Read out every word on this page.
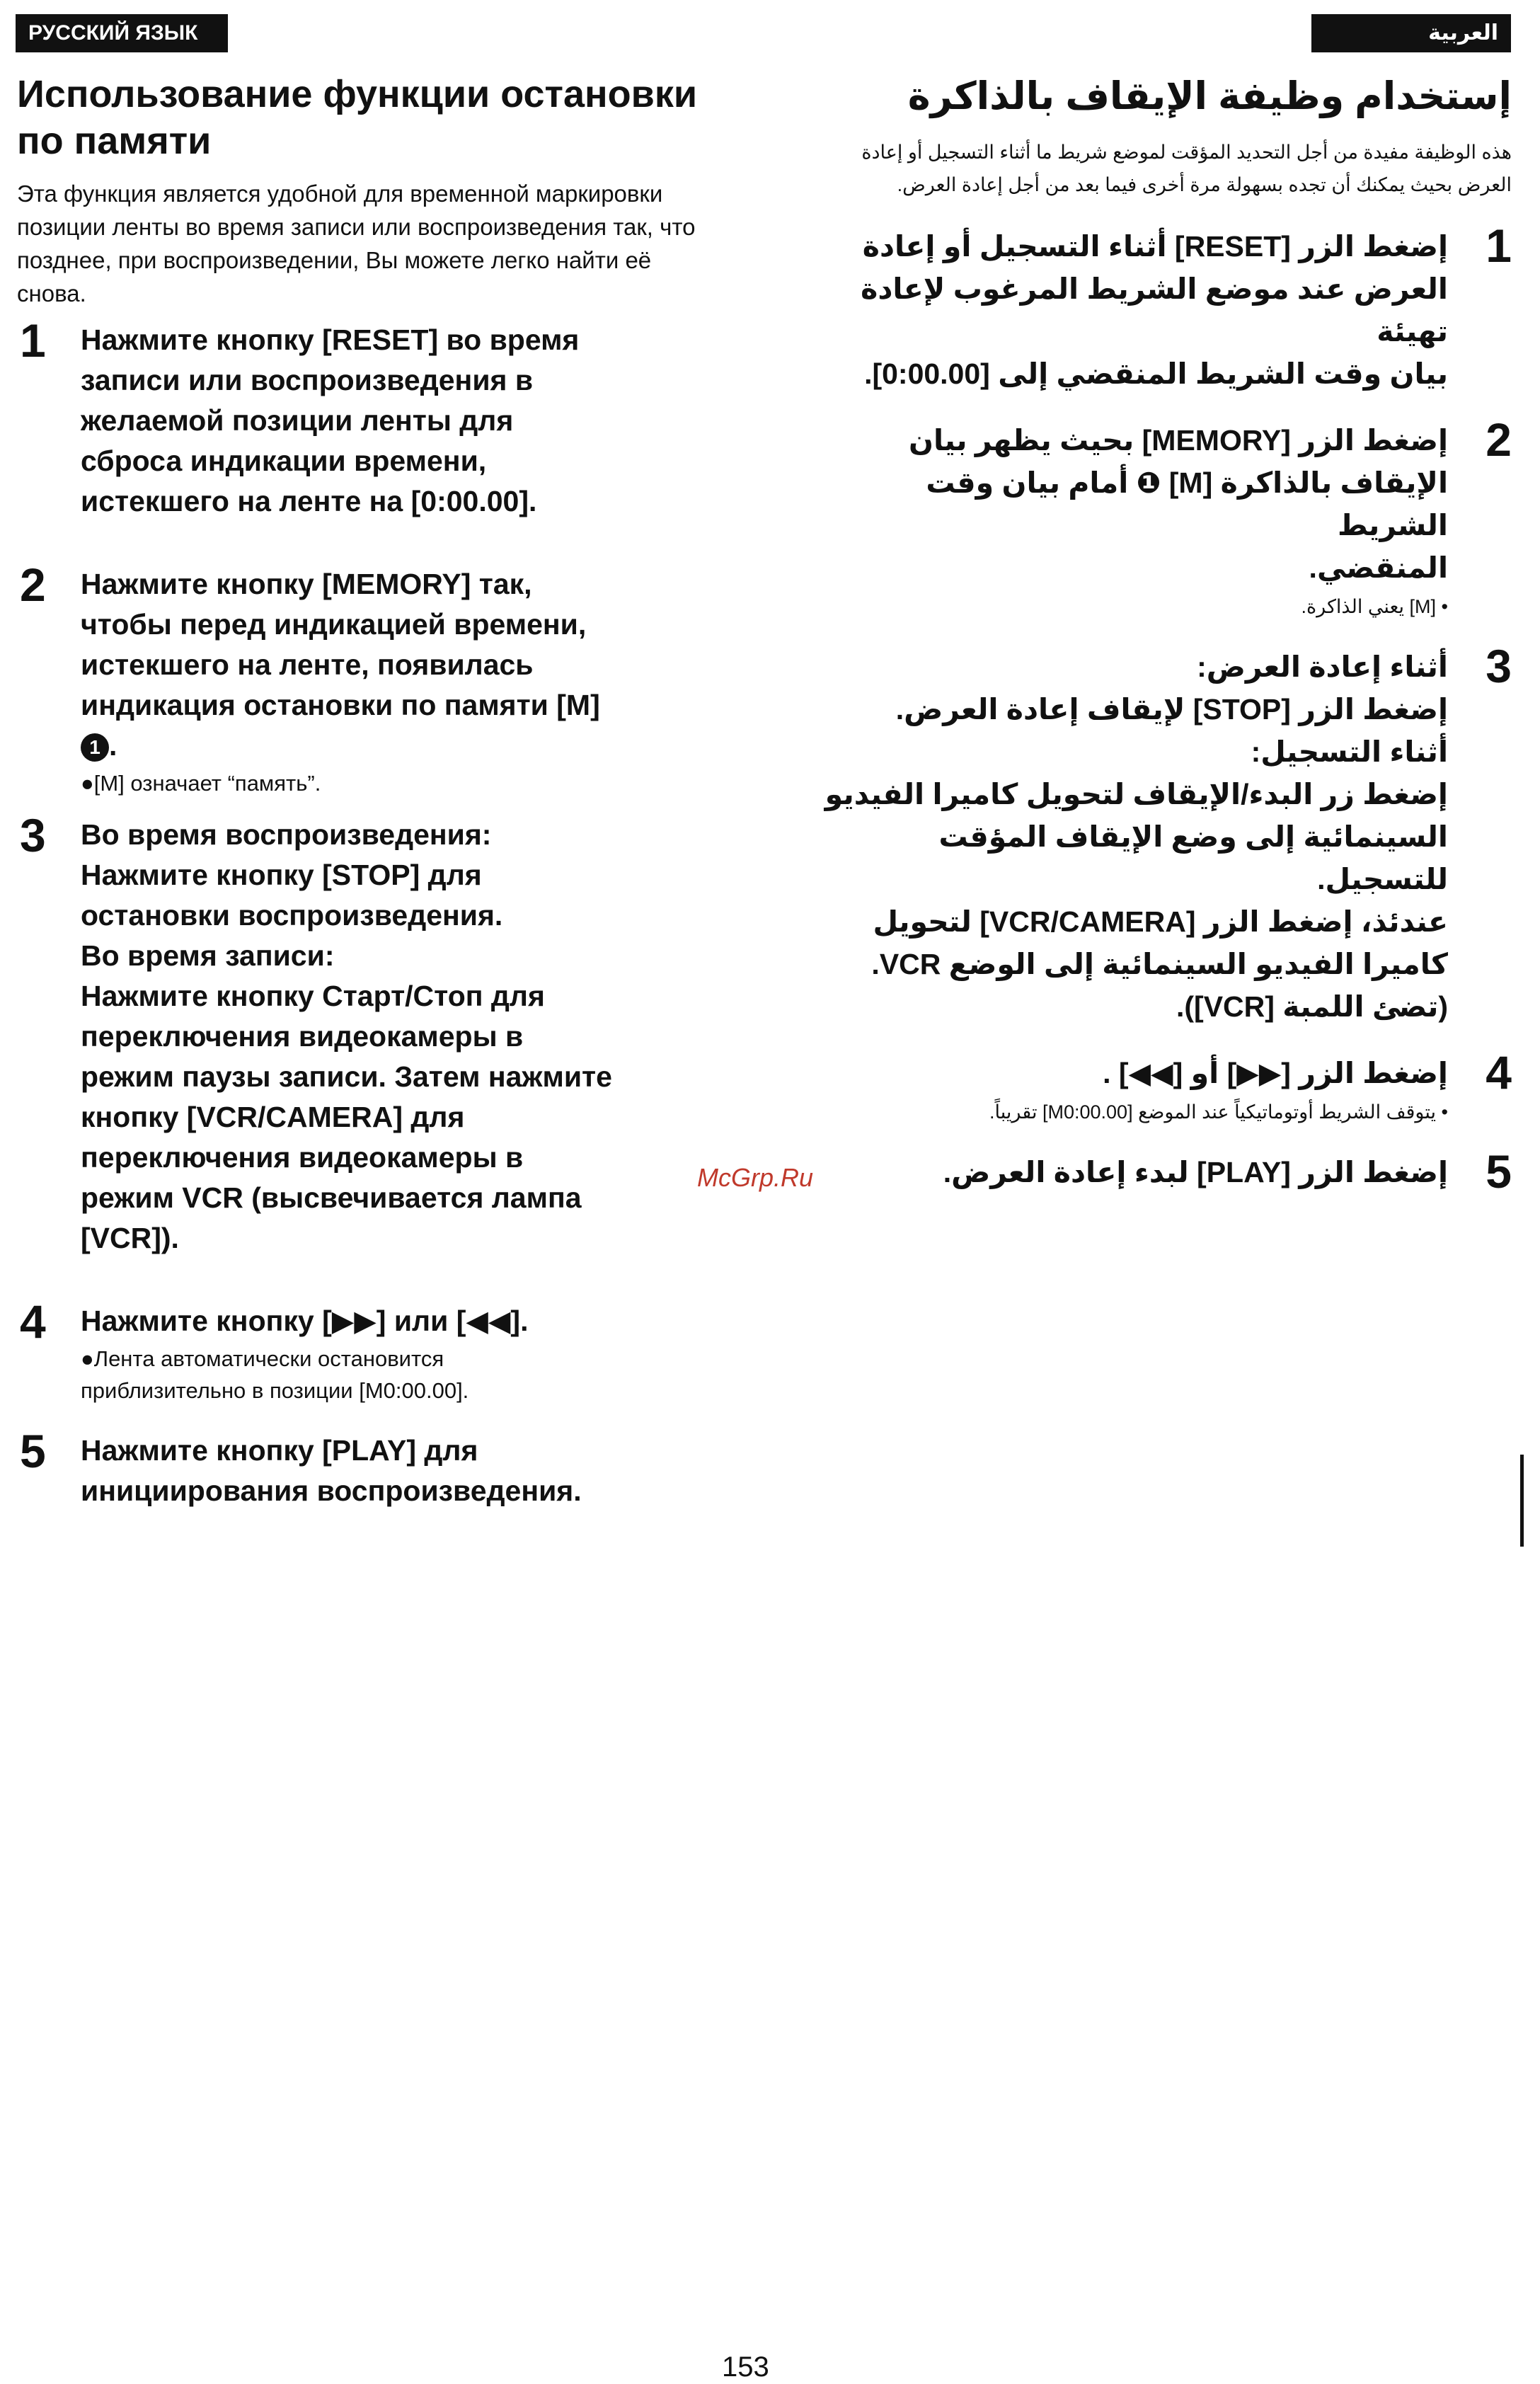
РУССКИЙ ЯЗЫК	العربية
Использование функции остановки по памяти

Эта функция является удобной для временной маркировки позиции ленты во время записи или воспроизведения так, что позднее, при воспроизведении, Вы можете легко найти её снова.

1 Нажмите кнопку [RESET] во время
записи или воспроизведения в
желаемой позиции ленты для
сброса индикации времени,
истекшего на ленте на [0:00.00].
2 Нажмите кнопку [MEMORY] так,
чтобы перед индикацией времени,
истекшего на ленте, появилась
индикация остановки по памяти [M]
1 .
●[M] означает “память”.
3 Во время воспроизведения:
Нажмите кнопку [STOP] для
остановки воспроизведения.
Во время записи:
Нажмите кнопку Старт/Стоп для
переключения видеокамеры в
режим паузы записи. Затем нажмите
кнопку [VCR/CAMERA] для
переключения видеокамеры в
режим VCR (высвечивается лампа
[VCR]).
4 Нажмите кнопку [▶▶] или [◀◀].
●Лента автоматически остановится
приблизительно в позиции [M0:00.00].
5 Нажмите кнопку [PLAY] для
инициирования воспроизведения.
إستخدام وظيفة الإيقاف بالذاكرة

هذه الوظيفة مفيدة من أجل التحديد المؤقت لموضع شريط ما أثناء التسجيل أو إعادة
العرض بحيث يمكنك أن تجده بسهولة مرة أخرى فيما بعد من أجل إعادة العرض.

1
إضغط الزر [RESET] أثناء التسجيل أو إعادة
العرض عند موضع الشريط المرغوب لإعادة تهيئة
بيان وقت الشريط المنقضي إلى [0:00.00].
2
إضغط الزر [MEMORY] بحيث يظهر بيان
الإيقاف بالذاكرة [M] ❶ أمام بيان وقت الشريط
المنقضي.
• [M] يعني الذاكرة.
3
أثناء إعادة العرض:
إضغط الزر [STOP] لإيقاف إعادة العرض.
أثناء التسجيل:
إضغط زر البدء/الإيقاف لتحويل كاميرا الفيديو
السينمائية إلى وضع الإيقاف المؤقت للتسجيل.
عندئذ، إضغط الزر [VCR/CAMERA] لتحويل
كاميرا الفيديو السينمائية إلى الوضع VCR.
(تضئ اللمبة [VCR]).
4
إضغط الزر [▶▶] أو [◀◀] .
• يتوقف الشريط أوتوماتيكياً عند الموضع [M0:00.00] تقريباً.
5
إضغط الزر [PLAY] لبدء إعادة العرض.
McGrp.Ru
153
